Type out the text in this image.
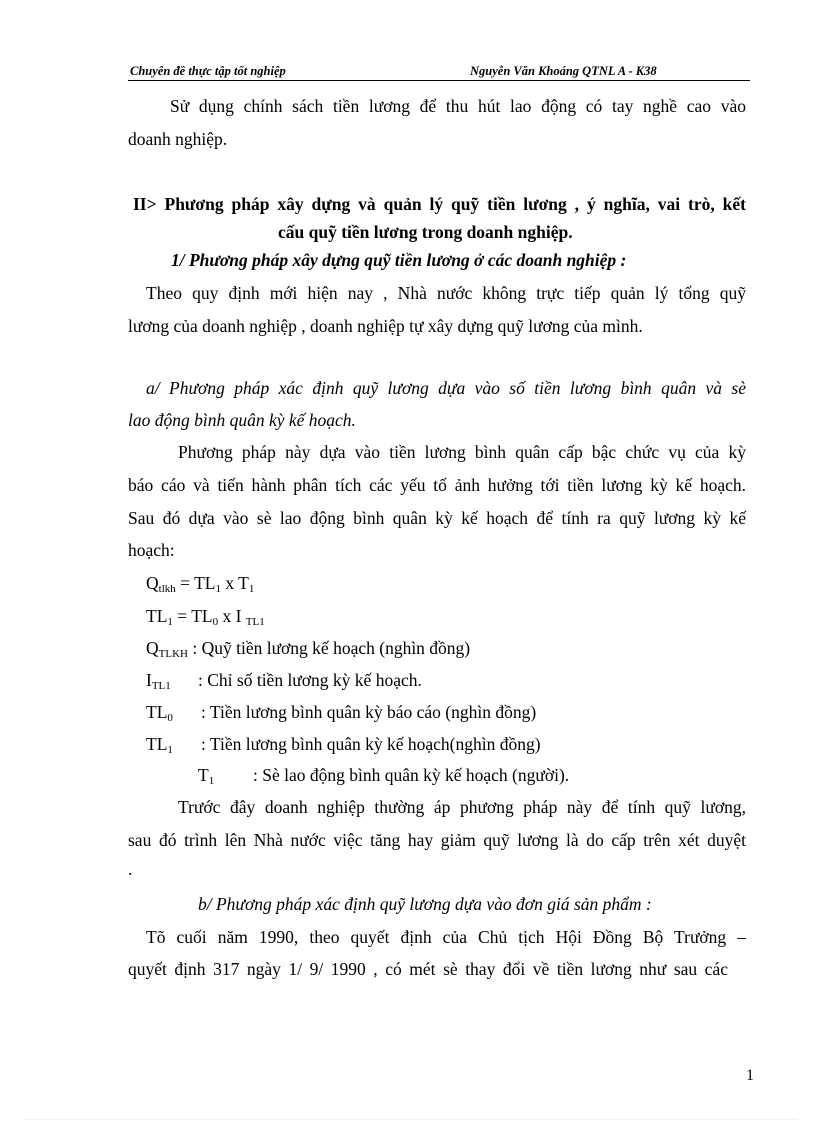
Chuyên đề thực tập tốt nghiệp	Nguyễn Văn Khoáng QTNL A - K38
Sử dụng chính sách tiền lương để thu hút lao động có tay nghề cao vào
doanh nghiệp.
II> Phương pháp xây dựng và quản lý quỹ tiền lương , ý nghĩa, vai trò, kết
cấu quỹ tiền lương trong doanh nghiệp.
1/ Phương pháp xây dựng quỹ tiền lương ở các doanh nghiệp :
Theo quy định mới hiện nay , Nhà nước không trực tiếp quản lý tổng quỹ
lương của doanh nghiệp , doanh nghiệp tự xây dựng quỹ lương của mình.
a/ Phương pháp xác định quỹ lương dựa vào số tiền lương bình quân và sè
lao động bình quân kỳ kế hoạch.
Phương pháp này dựa vào tiền lương bình quân cấp bậc chức vụ của kỳ
báo cáo và tiến hành phân tích các yếu tố ảnh hưởng tới tiền lương kỳ kế hoạch.
Sau đó dựa vào sè lao động bình quân kỳ kế hoạch để tính ra quỹ lương kỳ kế
hoạch:
$Q_{tlkh} = TL_1$ x $T_1$
$TL_1 = TL_0$ x I $_{TL1}$
$Q_{TLKH}$ : Quỹ tiền lương kế hoạch (nghìn đồng)
$I_{TL1}$ : Chỉ số tiền lương kỳ kế hoạch.
$TL_0$ : Tiền lương bình quân kỳ báo cáo (nghìn đồng)
$TL_1$ : Tiền lương bình quân kỳ kế hoạch(nghìn đồng)
$T_1$ : Sè lao động bình quân kỳ kế hoạch (người).
Trước đây doanh nghiệp thường áp phương pháp này để tính quỹ lương,
sau đó trình lên Nhà nước việc tăng hay giảm quỹ lương là do cấp trên xét duyệt
.
b/ Phương pháp xác định quỹ lương dựa vào đơn giá sản phẩm :
Tõ cuối năm 1990, theo quyết định của Chủ tịch Hội Đồng Bộ Trưởng –
quyết định 317 ngày 1/ 9/ 1990 , có mét sè thay đổi về tiền lương như sau các
1
